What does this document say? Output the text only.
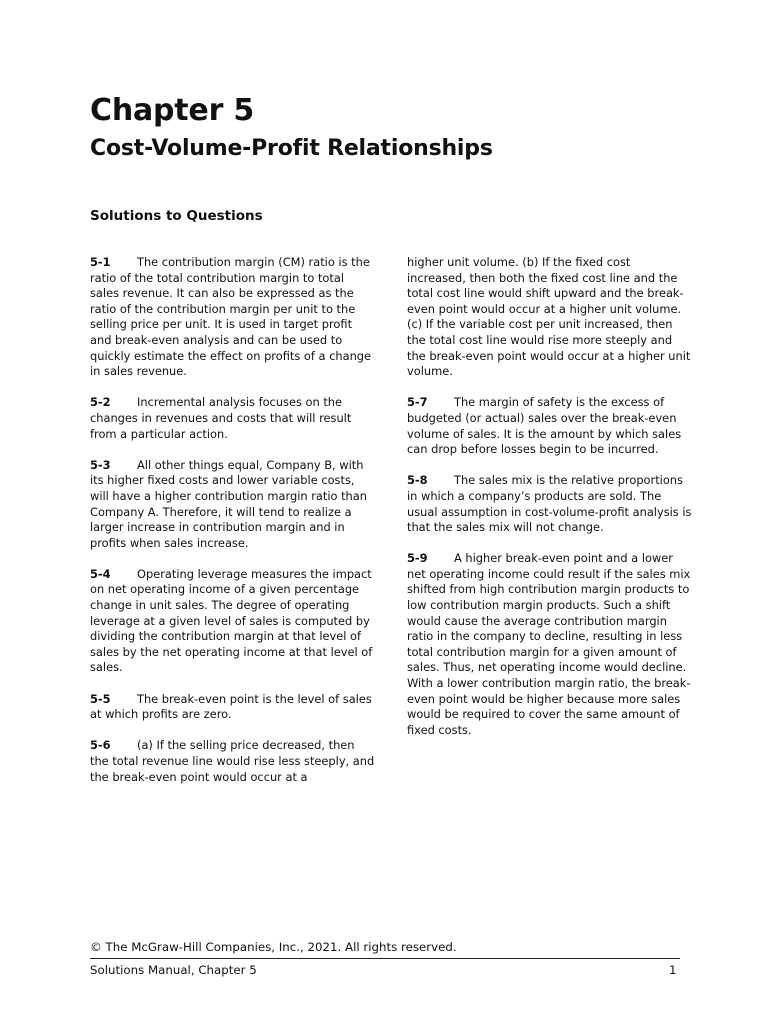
Chapter 5
Cost-Volume-Profit Relationships
Solutions to Questions

5-1 The contribution margin (CM) ratio is the ratio of the total contribution margin to total sales revenue. It can also be expressed as the ratio of the contribution margin per unit to the selling price per unit. It is used in target profit and break-even analysis and can be used to quickly estimate the effect on profits of a change in sales revenue.

5-2 Incremental analysis focuses on the changes in revenues and costs that will result from a particular action.

5-3 All other things equal, Company B, with its higher fixed costs and lower variable costs, will have a higher contribution margin ratio than Company A. Therefore, it will tend to realize a larger increase in contribution margin and in profits when sales increase.

5-4 Operating leverage measures the impact on net operating income of a given percentage change in unit sales. The degree of operating leverage at a given level of sales is computed by dividing the contribution margin at that level of sales by the net operating income at that level of sales.

5-5 The break-even point is the level of sales at which profits are zero.

5-6 (a) If the selling price decreased, then the total revenue line would rise less steeply, and the break-even point would occur at a

higher unit volume. (b) If the fixed cost increased, then both the fixed cost line and the total cost line would shift upward and the break-even point would occur at a higher unit volume. (c) If the variable cost per unit increased, then the total cost line would rise more steeply and the break-even point would occur at a higher unit volume.

5-7 The margin of safety is the excess of budgeted (or actual) sales over the break-even volume of sales. It is the amount by which sales can drop before losses begin to be incurred.

5-8 The sales mix is the relative proportions in which a company’s products are sold. The usual assumption in cost-volume-profit analysis is that the sales mix will not change.

5-9 A higher break-even point and a lower net operating income could result if the sales mix shifted from high contribution margin products to low contribution margin products. Such a shift would cause the average contribution margin ratio in the company to decline, resulting in less total contribution margin for a given amount of sales. Thus, net operating income would decline. With a lower contribution margin ratio, the break-even point would be higher because more sales would be required to cover the same amount of fixed costs.

© The McGraw-Hill Companies, Inc., 2021. All rights reserved.
Solutions Manual, Chapter 5	1
